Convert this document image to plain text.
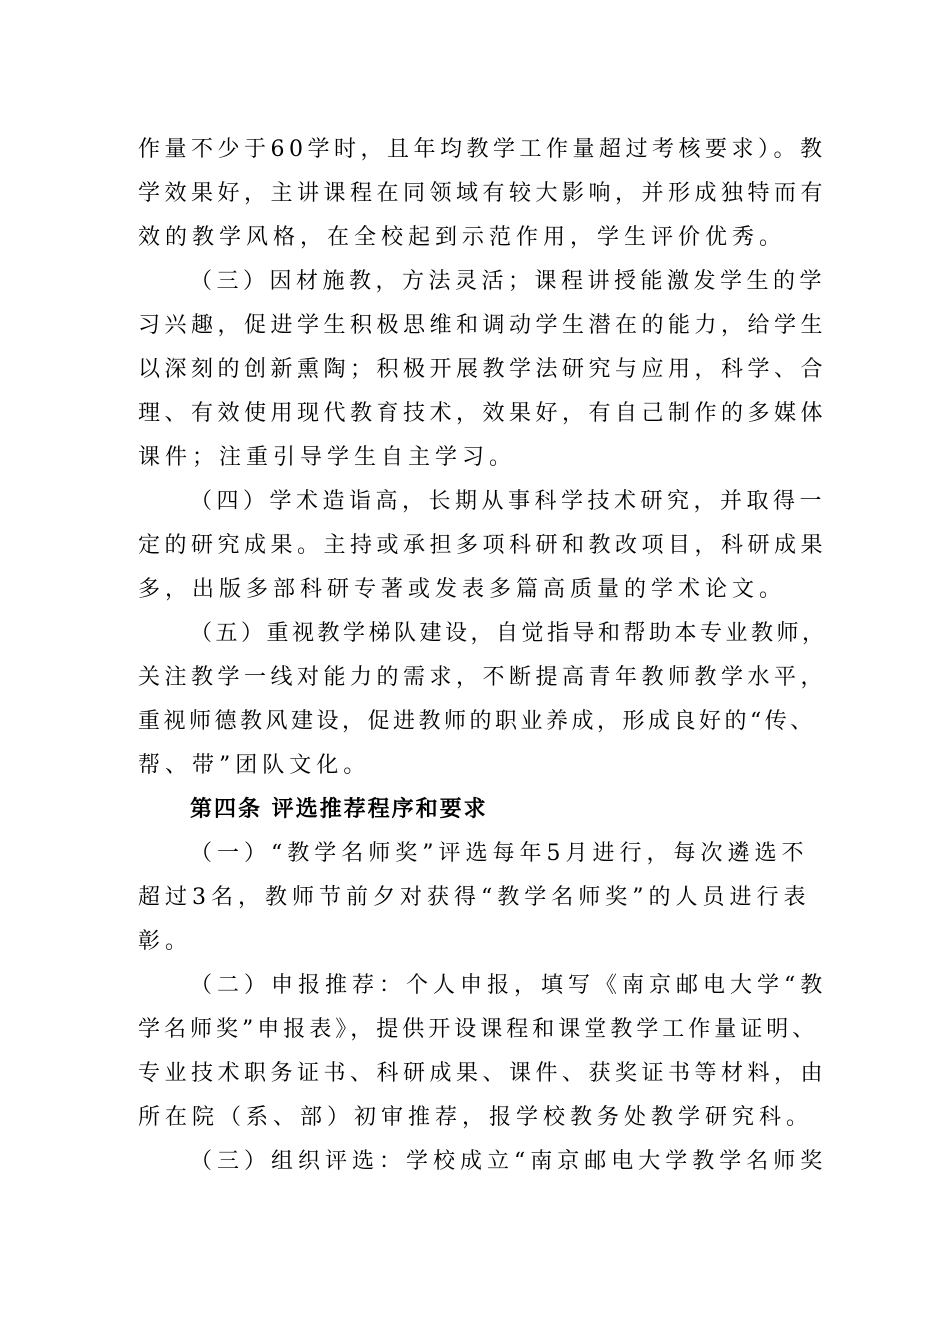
作量不少于60学时，且年均教学工作量超过考核要求）。教
学效果好，主讲课程在同领域有较大影响，并形成独特而有
效的教学风格，在全校起到示范作用，学生评价优秀。
（三）因材施教，方法灵活；课程讲授能激发学生的学
习兴趣，促进学生积极思维和调动学生潜在的能力，给学生
以深刻的创新熏陶；积极开展教学法研究与应用，科学、合
理、有效使用现代教育技术，效果好，有自己制作的多媒体
课件；注重引导学生自主学习。
（四）学术造诣高，长期从事科学技术研究，并取得一
定的研究成果。主持或承担多项科研和教改项目，科研成果
多，出版多部科研专著或发表多篇高质量的学术论文。
（五）重视教学梯队建设，自觉指导和帮助本专业教师，
关注教学一线对能力的需求，不断提高青年教师教学水平，
重视师德教风建设，促进教师的职业养成，形成良好的“传、
帮、带”团队文化。
第四条 评选推荐程序和要求
（一）“教学名师奖”评选每年5月进行，每次遴选不
超过3名，教师节前夕对获得“教学名师奖”的人员进行表
彰。
（二）申报推荐：个人申报，填写《南京邮电大学“教
学名师奖”申报表》，提供开设课程和课堂教学工作量证明、
专业技术职务证书、科研成果、课件、获奖证书等材料，由
所在院（系、部）初审推荐，报学校教务处教学研究科。
（三）组织评选：学校成立“南京邮电大学教学名师奖
